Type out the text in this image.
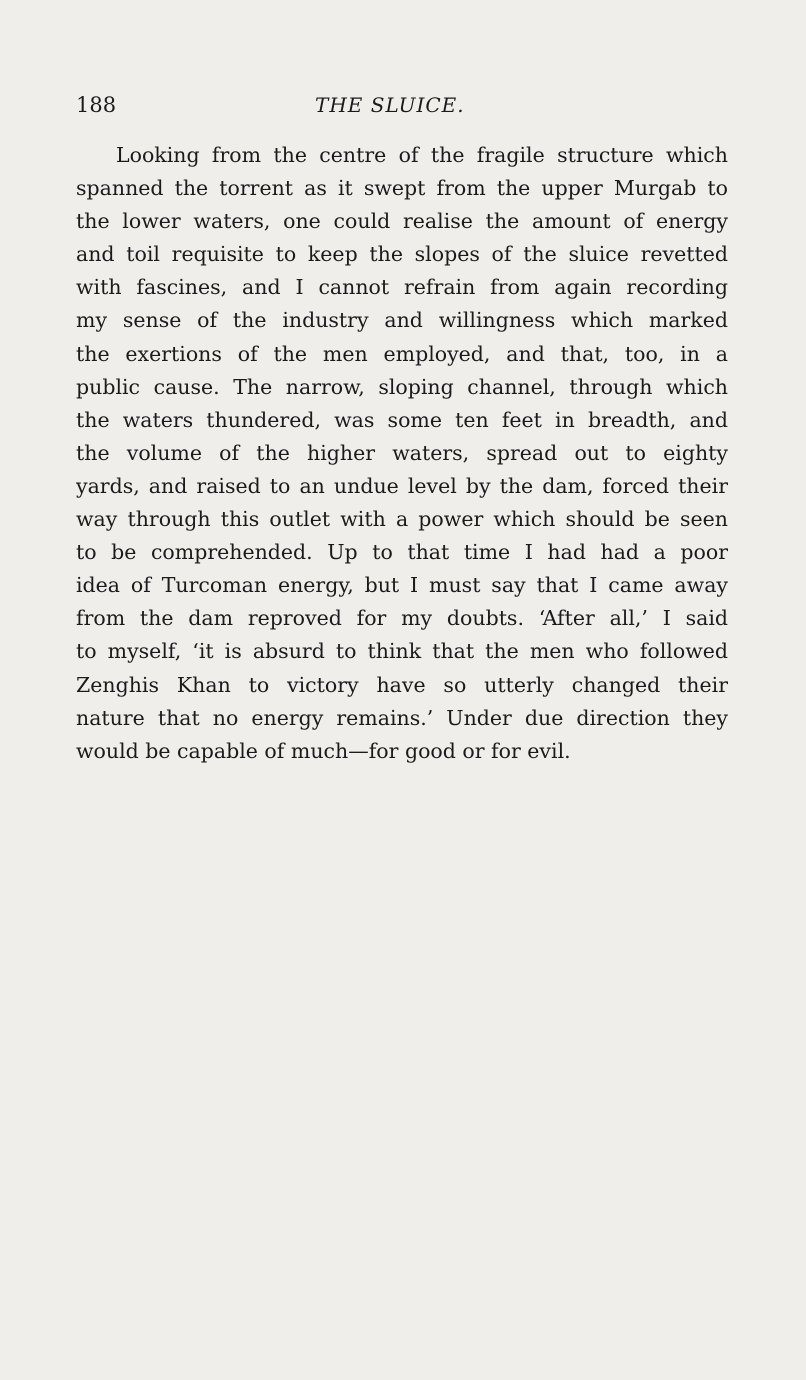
188	THE SLUICE.

Looking from the centre of the fragile structure which
spanned the torrent as it swept from the upper Murgab to
the lower waters, one could realise the amount of energy
and toil requisite to keep the slopes of the sluice revetted
with fascines, and I cannot refrain from again recording
my sense of the industry and willingness which marked
the exertions of the men employed, and that, too, in a
public cause. The narrow, sloping channel, through which
the waters thundered, was some ten feet in breadth, and
the volume of the higher waters, spread out to eighty
yards, and raised to an undue level by the dam, forced their
way through this outlet with a power which should be seen
to be comprehended. Up to that time I had had a poor
idea of Turcoman energy, but I must say that I came away
from the dam reproved for my doubts. ‘After all,’ I said
to myself, ‘it is absurd to think that the men who followed
Zenghis Khan to victory have so utterly changed their
nature that no energy remains.’ Under due direction they
would be capable of much—for good or for evil.
